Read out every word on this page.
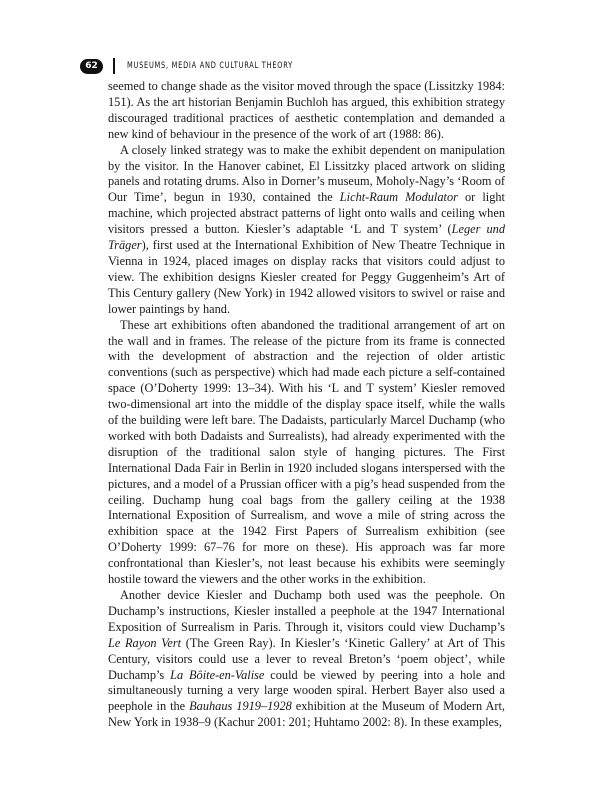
62	MUSEUMS, MEDIA AND CULTURAL THEORY

seemed to change shade as the visitor moved through the space (Lissitzky 1984: 151). As the art historian Benjamin Buchloh has argued, this exhibition strategy discouraged traditional practices of aesthetic contemplation and demanded a new kind of behaviour in the presence of the work of art (1988: 86).

A closely linked strategy was to make the exhibit dependent on manipulation by the visitor. In the Hanover cabinet, El Lissitzky placed artwork on sliding panels and rotating drums. Also in Dorner’s museum, Moholy-Nagy’s ‘Room of Our Time’, begun in 1930, contained the Licht-Raum Modulator or light machine, which projected abstract patterns of light onto walls and ceiling when visitors pressed a button. Kiesler’s adaptable ‘L and T system’ (Leger und Träger), first used at the International Exhibition of New Theatre Technique in Vienna in 1924, placed images on display racks that visitors could adjust to view. The exhibition designs Kiesler created for Peggy Guggenheim’s Art of This Century gallery (New York) in 1942 allowed visitors to swivel or raise and lower paintings by hand.

These art exhibitions often abandoned the traditional arrangement of art on the wall and in frames. The release of the picture from its frame is connected with the development of abstraction and the rejection of older artistic conventions (such as perspective) which had made each picture a self-contained space (O’Doherty 1999: 13–34). With his ‘L and T system’ Kiesler removed two-dimensional art into the middle of the display space itself, while the walls of the building were left bare. The Dadaists, particularly Marcel Duchamp (who worked with both Dadaists and Surrealists), had already experimented with the disruption of the traditional salon style of hanging pictures. The First International Dada Fair in Berlin in 1920 included slogans interspersed with the pictures, and a model of a Prussian officer with a pig’s head suspended from the ceiling. Duchamp hung coal bags from the gallery ceiling at the 1938 International Exposition of Surrealism, and wove a mile of string across the exhibition space at the 1942 First Papers of Surrealism exhibition (see O’Doherty 1999: 67–76 for more on these). His approach was far more confrontational than Kiesler’s, not least because his exhibits were seemingly hostile toward the viewers and the other works in the exhibition.

Another device Kiesler and Duchamp both used was the peephole. On Duchamp’s instructions, Kiesler installed a peephole at the 1947 International Exposition of Surrealism in Paris. Through it, visitors could view Duchamp’s Le Rayon Vert (The Green Ray). In Kiesler’s ‘Kinetic Gallery’ at Art of This Century, visitors could use a lever to reveal Breton’s ‘poem object’, while Duchamp’s La Bôite-en-Valise could be viewed by peering into a hole and simultaneously turning a very large wooden spiral. Herbert Bayer also used a peephole in the Bauhaus 1919–1928 exhibition at the Museum of Modern Art, New York in 1938–9 (Kachur 2001: 201; Huhtamo 2002: 8). In these examples,
